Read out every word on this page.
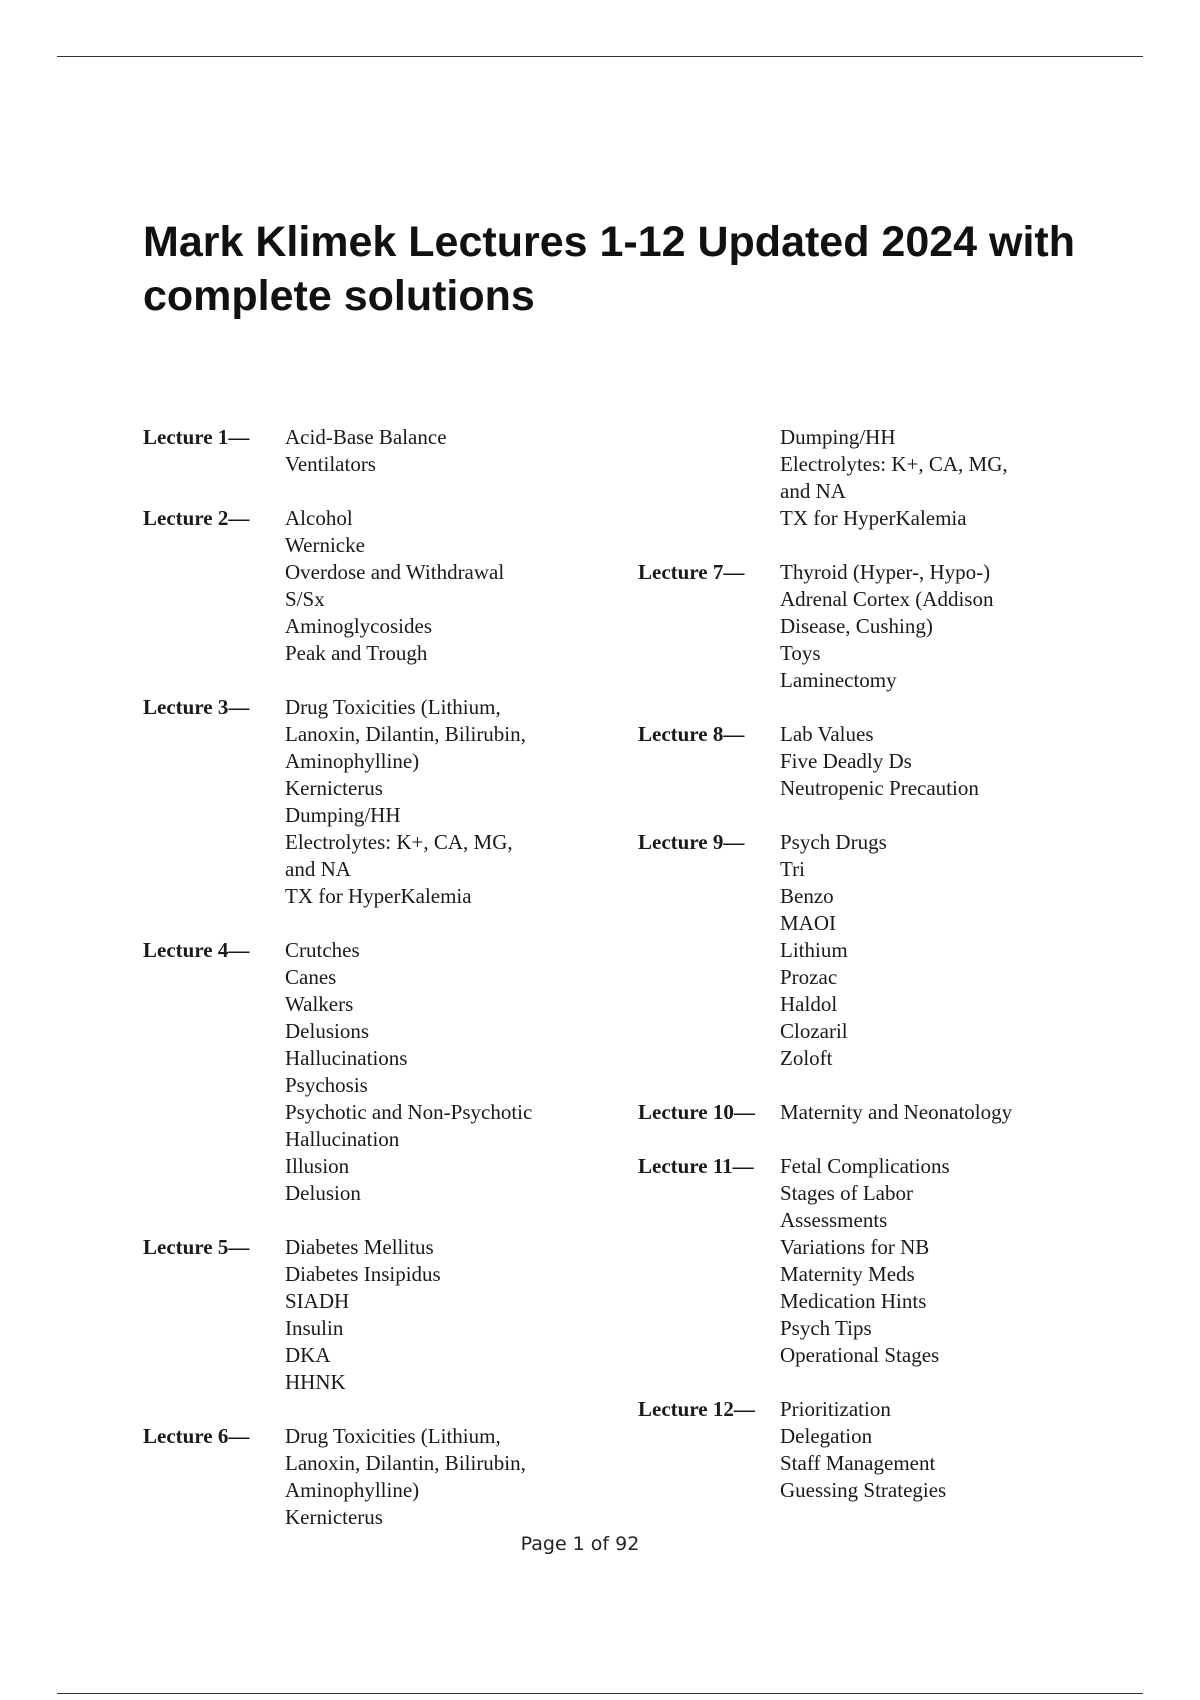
Mark Klimek Lectures 1-12 Updated 2024 with complete solutions
Lecture 1—	Acid-Base Balance
Ventilators
Lecture 2—	Alcohol
Wernicke
Overdose and Withdrawal
S/Sx
Aminoglycosides
Peak and Trough
Lecture 3—	Drug Toxicities (Lithium,
Lanoxin, Dilantin, Bilirubin,
Aminophylline)
Kernicterus
Dumping/HH
Electrolytes: K+, CA, MG,
and NA
TX for HyperKalemia
Lecture 4—	Crutches
Canes
Walkers
Delusions
Hallucinations
Psychosis
Psychotic and Non-Psychotic
Hallucination
Illusion
Delusion
Lecture 5—	Diabetes Mellitus
Diabetes Insipidus
SIADH
Insulin
DKA
HHNK
Lecture 6—	Drug Toxicities (Lithium,
Lanoxin, Dilantin, Bilirubin,
Aminophylline)
Kernicterus
Dumping/HH
Electrolytes: K+, CA, MG,
and NA
TX for HyperKalemia
Lecture 7—	Thyroid (Hyper-, Hypo-)
Adrenal Cortex (Addison
Disease, Cushing)
Toys
Laminectomy
Lecture 8—	Lab Values
Five Deadly Ds
Neutropenic Precaution
Lecture 9—	Psych Drugs
Tri
Benzo
MAOI
Lithium
Prozac
Haldol
Clozaril
Zoloft
Lecture 10—	Maternity and Neonatology
Lecture 11—	Fetal Complications
Stages of Labor
Assessments
Variations for NB
Maternity Meds
Medication Hints
Psych Tips
Operational Stages
Lecture 12—	Prioritization
Delegation
Staff Management
Guessing Strategies
Page 1 of 92
